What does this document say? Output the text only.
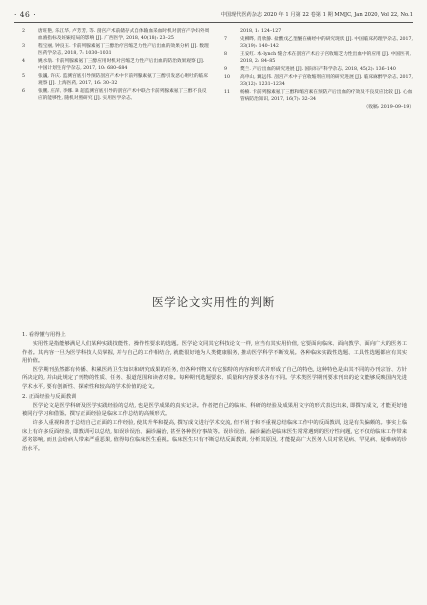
· 46 ·	中国现代医药杂志 2020 年 1 月第 22 卷第 1 期 MMJC, Jan 2020, Vol 22, No.1
2	唐旺艳, 乐江华, 卢芳芳, 等. 剖宫产术前储存式自体输血采血时机对剖宫产孕妇外周血液指标及妊娠结局的影响 [J]. 广西医学, 2018, 40(18): 23–25
3	程宝丽, 钟良玉. 卡前列腺素氨丁三醇治疗宫缩乏力性产后出血的效果分析 [J]. 数理医药学杂志, 2018, 7: 1030–1031
4	姚水翁. 卡前列腺素氨丁三醇应用时机对宫缩乏力性产后出血的防治效果观察 [J]. 中国计划生育学杂志, 2017, 10: 680–684
5	张巍, 许庆. 监测宫底引导预防剖宫产术中卡前列腺素氨丁三醇引发恶心呕吐的临床观察 [J]. 上海医药, 2017, 16: 30–32
6	张鹏, 庄萍, 李娜. B 超监测宫底引导的剖宫产术中联合卡前列腺素氨丁三醇不良反应的能够性, 随机对照研究 [J]. 实用医学杂志,
2018, 1: 124–127
7	史柳晔, 肖欣静. 盐酸戊乙奎醚在痛经中的研究现状 [J]. 中国临床药理学杂志, 2017, 33(19): 140–142
8	王安红. 本-lynch 缝合术在剖宫产术后子宫收缩乏力性出血中的应用 [J]. 中国医刊, 2018, 2: 84–85
9	樊兰. 产后出血的研究进展 [J]. 国际妇产科学杂志, 2018, 45(2): 136–140
10	高申山, 翼远伟. 剖宫产术中子宫收缩剂应用的研究进展 [J]. 临床麻醉学杂志, 2017, 33(12): 1231–1234
11	杨楠. 卡前列腺素氨丁三醇和缩宫素在预防产后出血的疗效及不良反应比较 [J]. 心血管病防治知识, 2017, 16(7): 32–34
（收稿: 2019–09–19）
医学论文实用性的判断
1. 看得懂与用得上

实用性是指能够满足人们某种实践技能性、操作性要求的选题。医学论文同其它科技论文一样, 应当有其实用价值, 它要面向临床、面向教学、面向广大的医务工作者。其内容一旦为医学科技人员掌握, 并与自己的工作相结合, 就能很好地为人类健康服务, 推动医学科学不断发展。各种临床实践性选题、工具性选题都应有其实用价值。

医学期刊虽然都有传播、积累医药卫生知识和研究成果的任务, 但各种刊物又有它独特的内容和形式并形成了自己的特色, 这种特色是由其不同的办刊宗旨、方针所决定的, 并由此规定了刊物的性质、任务、报道范围和读者对象。每种期刊选题要求、质量和内容要求各有不同。学术类医学期刊要求刊出的论文能够反映国内先进学术水平, 要有创新性、探索性和较高的学术价值的论文。

2. 正面经验与反面教训

医学论文是医学科研及医学实践经验的总结, 也是医学成果的真实记录。作者把自己的临床、科研的经验及成果用文字的形式表达出来, 即撰写成文, 才能更好地被同行学习和借鉴。撰写正面经验是临床工作总结的高频形式。

许多人重视和善于总结自己正面的工作经验, 使其升华和提高, 撰写成文进行学术交流, 但不屑于和不重视总结临床工作中的反面教训, 这是有失偏颇的。事实上临床上有许多反面经验, 即教训可以总结, 如误诊误治、漏诊漏治, 甚至各种医疗事故等。误诊误治、漏诊漏治是临床医生常常遇到的医疗性问题, 它不仅给临床工作带来恶劣影响, 而且会给病人带来严重恶果, 值得每位临床医生重视。临床医生只有不断总结反面教训, 分析其原因, 才能提高广大医务人员对常见病、罕见病、疑难病的诊治水平。
